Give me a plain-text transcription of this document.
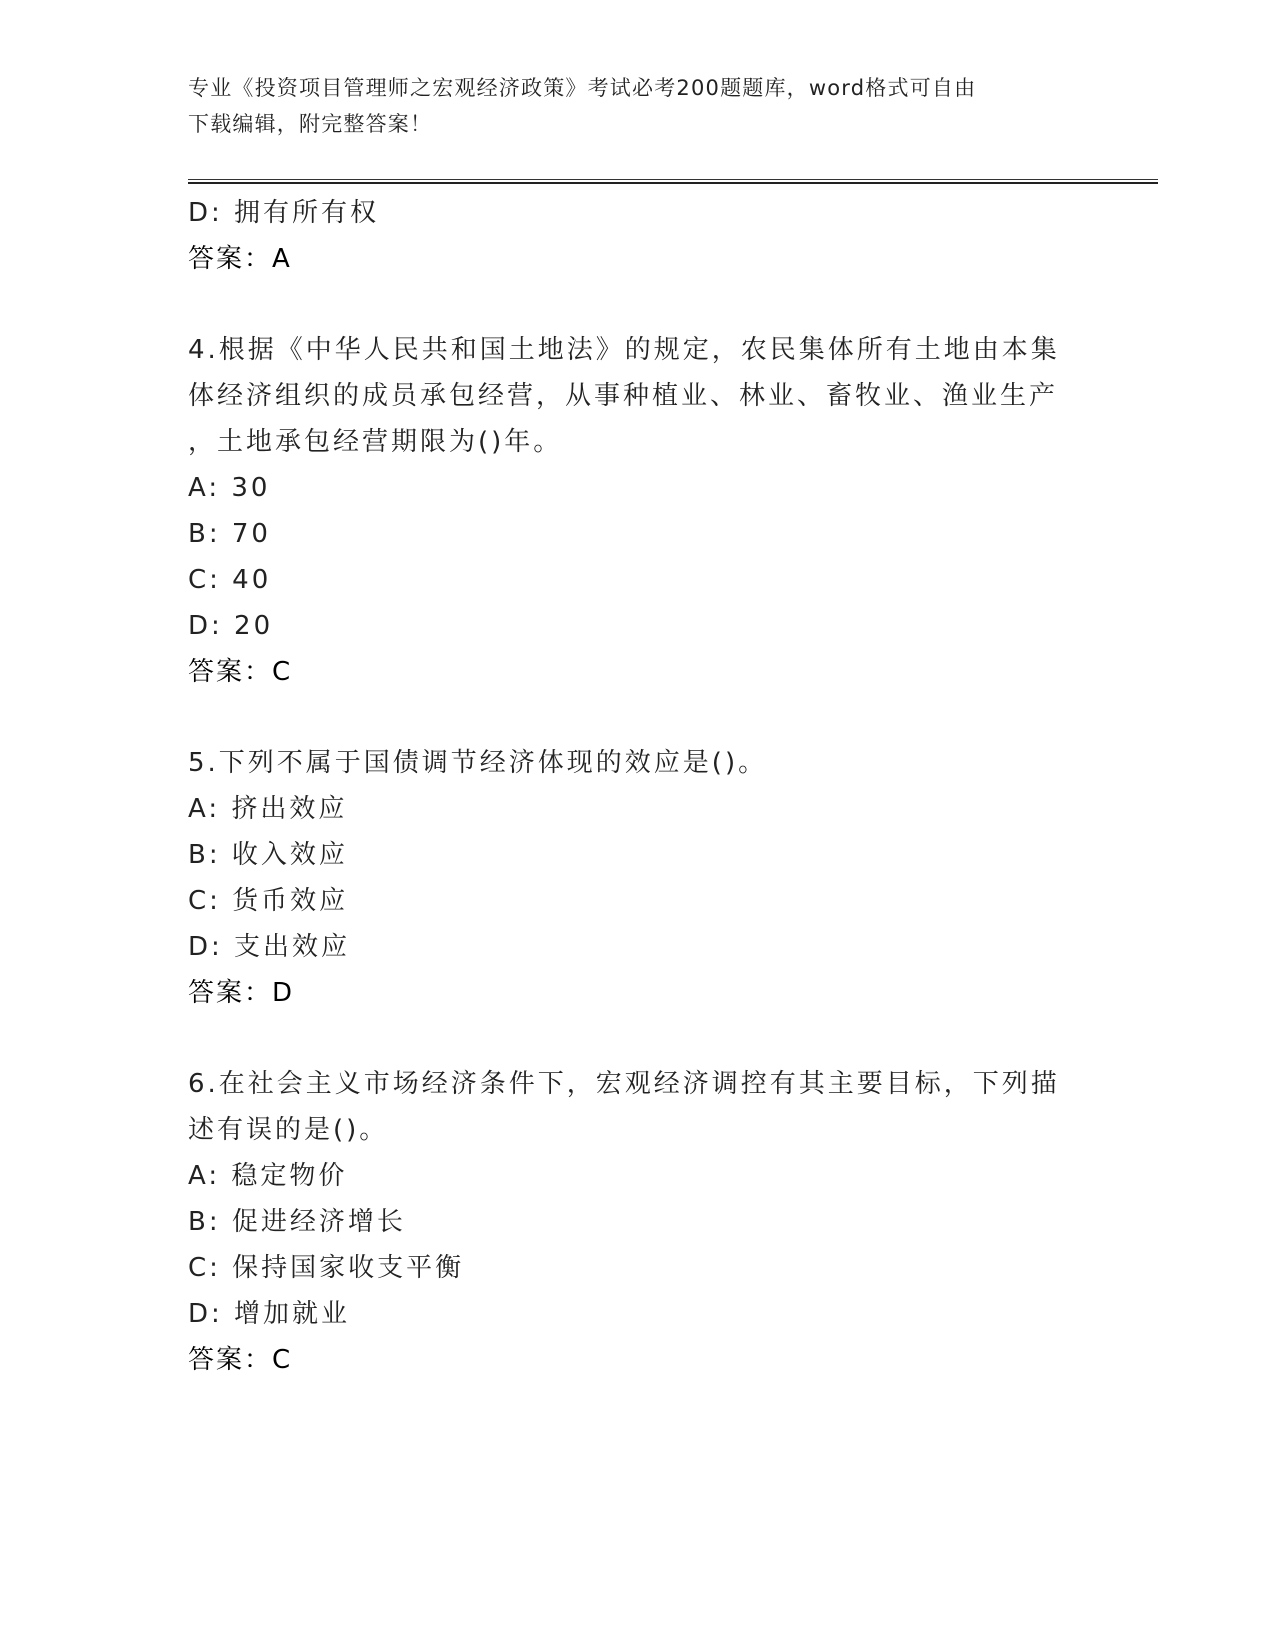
专业《投资项目管理师之宏观经济政策》考试必考200题题库，word格式可自由
下载编辑，附完整答案！
D: 拥有所有权
答案：A
4.根据《中华人民共和国土地法》的规定，农民集体所有土地由本集
体经济组织的成员承包经营，从事种植业、林业、畜牧业、渔业生产
，土地承包经营期限为()年。
A: 30
B: 70
C: 40
D: 20
答案：C
5.下列不属于国债调节经济体现的效应是()。
A: 挤出效应
B: 收入效应
C: 货币效应
D: 支出效应
答案：D
6.在社会主义市场经济条件下，宏观经济调控有其主要目标，下列描
述有误的是()。
A: 稳定物价
B: 促进经济增长
C: 保持国家收支平衡
D: 增加就业
答案：C
